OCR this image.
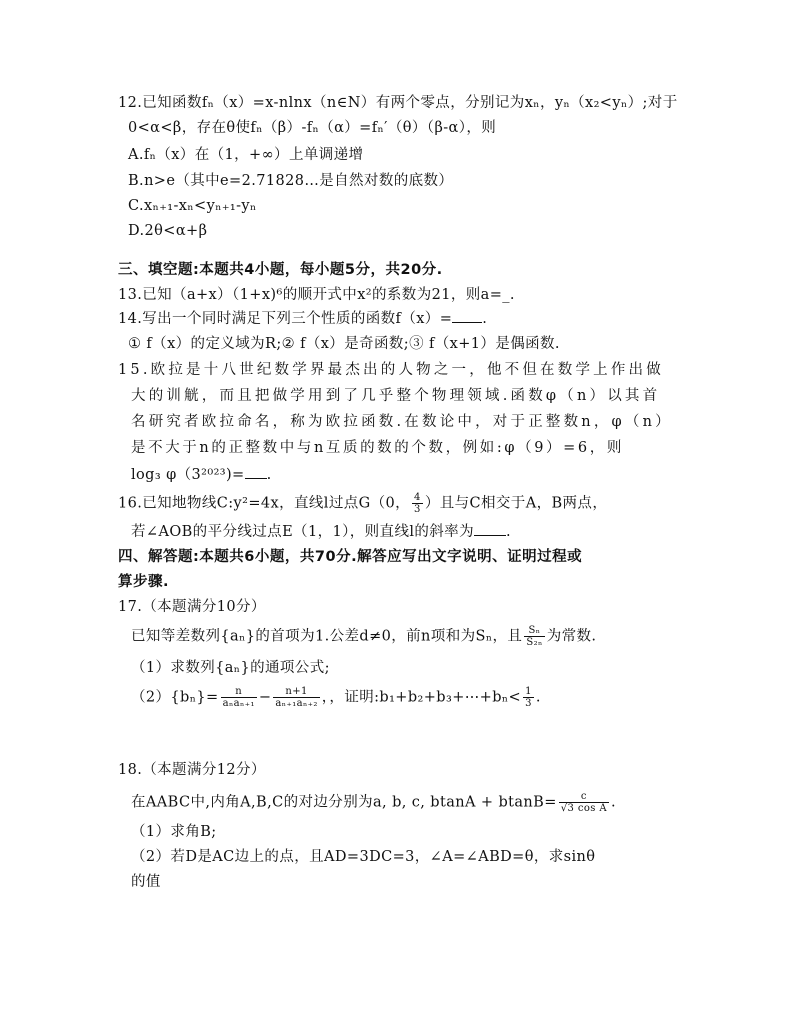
12.已知函数fₙ（x）=x-nlnx（n∈N）有两个零点，分别记为xₙ，yₙ（x₂<yₙ）;对于
0<α<β，存在θ使fₙ（β）-fₙ（α）=fₙ′（θ）（β-α），则
A.fₙ（x）在（1，+∞）上单调递增
B.n>e（其中e=2.71828…是自然对数的底数）
C.xₙ₊₁-xₙ<yₙ₊₁-yₙ
D.2θ<α+β
三、填空题:本题共4小题，每小题5分，共20分.
13.已知（a+x）（1+x)⁶的顺开式中x²的系数为21，则a=_.
14.写出一个同时满足下列三个性质的函数f（x）= .
① f（x）的定义域为R;② f（x）是奇函数;③ f（x+1）是偶函数.
15.欧拉是十八世纪数学界最杰出的人物之一，他不但在数学上作出做
大的训觥，而且把做学用到了几乎整个物理领域.函数φ（n）以其首
名研究者欧拉命名，称为欧拉函数.在数论中，对于正整数n，φ（n）
是不大于n的正整数中与n互质的数的个数，例如:φ（9）=6，则
log₃ φ（3²⁰²³)= .
16.已知地物线C:y²=4x，直线l过点G（0， $\frac{4}{3}$ ）且与C相交于A，B两点，
若∠AOB的平分线过点E（1，1），则直线l的斜率为 .
四、解答题:本题共6小题，共70分.解答应写出文字说明、证明过程或
算步骤.
17.（本题满分10分）
已知等差数列{aₙ}的首项为1.公差d≠0，前n项和为Sₙ，且 $\frac{\text{Sₙ}}{\text{S₂ₙ}}$ 为常数.
（1）求数列{aₙ}的通项公式;
$(2)\{b_n\}= \frac{n}{\text{aₙaₙ₊₁}} - \frac{n+1}{\text{aₙ₊₁aₙ₊₂}}$ ，，证明:b₁+b₂+b₃+⋯+bₙ< $\frac{1}{3}$ .
18.（本题满分12分）
在AABC中,内角A,B,C的对边分别为a, b, c, $btanA + btanB= \frac{c}{\text{√3 cos A}}$ .
（1）求角B;
（2）若D是AC边上的点，且AD=3DC=3，∠A=∠ABD=θ，求sinθ
的值
